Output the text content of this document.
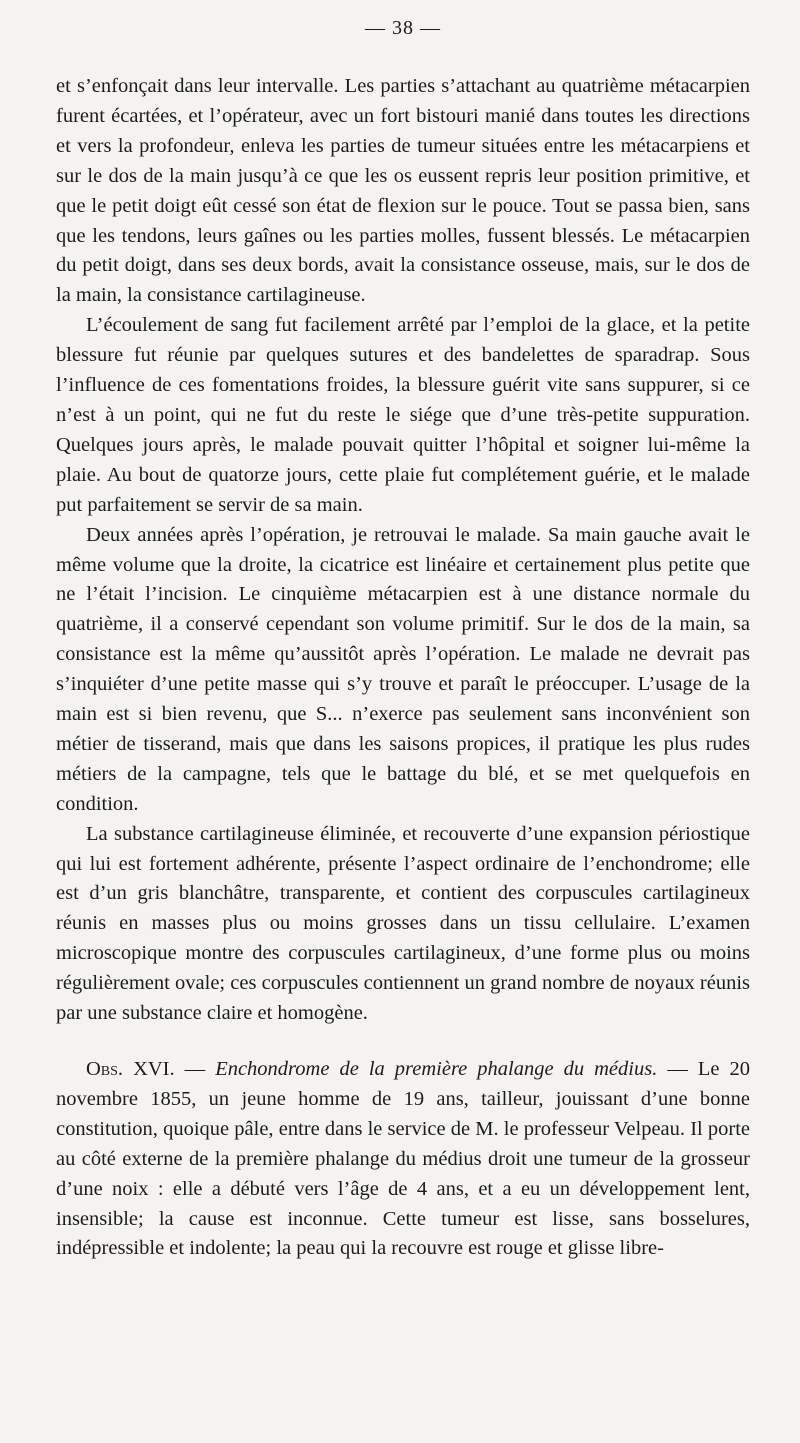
— 38 —

et s’enfonçait dans leur intervalle. Les parties s’attachant au quatrième métacarpien furent écartées, et l’opérateur, avec un fort bistouri manié dans toutes les directions et vers la profondeur, enleva les parties de tumeur situées entre les métacarpiens et sur le dos de la main jusqu’à ce que les os eussent repris leur position primitive, et que le petit doigt eût cessé son état de flexion sur le pouce. Tout se passa bien, sans que les tendons, leurs gaînes ou les parties molles, fussent blessés. Le métacarpien du petit doigt, dans ses deux bords, avait la consistance osseuse, mais, sur le dos de la main, la consistance cartilagineuse.

L’écoulement de sang fut facilement arrêté par l’emploi de la glace, et la petite blessure fut réunie par quelques sutures et des bandelettes de sparadrap. Sous l’influence de ces fomentations froides, la blessure guérit vite sans suppurer, si ce n’est à un point, qui ne fut du reste le siége que d’une très-petite suppuration. Quelques jours après, le malade pouvait quitter l’hôpital et soigner lui-même la plaie. Au bout de quatorze jours, cette plaie fut complétement guérie, et le malade put parfaitement se servir de sa main.

Deux années après l’opération, je retrouvai le malade. Sa main gauche avait le même volume que la droite, la cicatrice est linéaire et certainement plus petite que ne l’était l’incision. Le cinquième métacarpien est à une distance normale du quatrième, il a conservé cependant son volume primitif. Sur le dos de la main, sa consistance est la même qu’aussitôt après l’opération. Le malade ne devrait pas s’inquiéter d’une petite masse qui s’y trouve et paraît le préoccuper. L’usage de la main est si bien revenu, que S... n’exerce pas seulement sans inconvénient son métier de tisserand, mais que dans les saisons propices, il pratique les plus rudes métiers de la campagne, tels que le battage du blé, et se met quelquefois en condition.

La substance cartilagineuse éliminée, et recouverte d’une expansion périostique qui lui est fortement adhérente, présente l’aspect ordinaire de l’enchondrome; elle est d’un gris blanchâtre, transparente, et contient des corpuscules cartilagineux réunis en masses plus ou moins grosses dans un tissu cellulaire. L’examen microscopique montre des corpuscules cartilagineux, d’une forme plus ou moins régulièrement ovale; ces corpuscules contiennent un grand nombre de noyaux réunis par une substance claire et homogène.

Obs. XVI. — Enchondrome de la première phalange du médius. — Le 20 novembre 1855, un jeune homme de 19 ans, tailleur, jouissant d’une bonne constitution, quoique pâle, entre dans le service de M. le professeur Velpeau. Il porte au côté externe de la première phalange du médius droit une tumeur de la grosseur d’une noix : elle a débuté vers l’âge de 4 ans, et a eu un développement lent, insensible; la cause est inconnue. Cette tumeur est lisse, sans bosselures, indépressible et indolente; la peau qui la recouvre est rouge et glisse libre-
